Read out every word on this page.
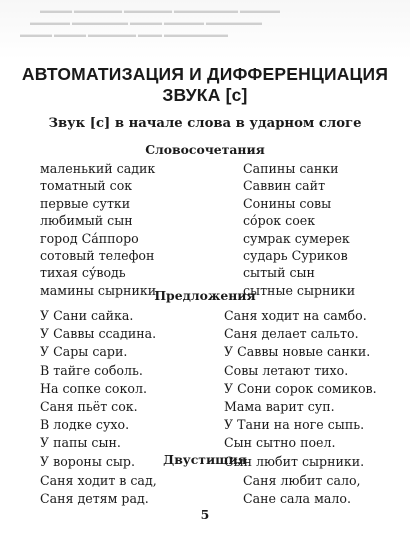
▬▬▬▬ ▬▬▬▬▬▬ ▬▬▬▬▬▬ ▬▬▬▬▬▬▬▬ ▬▬▬▬▬
▬▬▬▬▬ ▬▬▬▬▬▬▬ ▬▬▬▬ ▬▬▬▬▬ ▬▬▬▬▬▬▬
▬▬▬▬ ▬▬▬▬ ▬▬▬▬▬▬ ▬▬▬ ▬▬▬▬▬▬▬▬
АВТОМАТИЗАЦИЯ И ДИФФЕРЕНЦИАЦИЯ ЗВУКА [с]
Звук [с] в начале слова в ударном слоге

Словосочетания

маленький садик
томатный сок
первые сутки
любимый сын
город Са́ппоро
сотовый телефон
тихая су́водь
мамины сырники
Сапины санки
Саввин сайт
Сонины совы
со́рок соек
сумрак сумерек
сударь Суриков
сытый сын
сытные сырники

Предложения

У Сани сайка.
У Саввы ссадина.
У Сары сари.
В тайге соболь.
На сопке сокол.
Саня пьёт сок.
В лодке сухо.
У папы сын.
У вороны сыр.
Саня ходит на самбо.
Саня делает сальто.
У Саввы новые санки.
Совы летают тихо.
У Сони сорок сомиков.
Мама варит суп.
У Тани на ноге сыпь.
Сын сытно поел.
Сын любит сырники.

Двустишия

Саня ходит в сад,
Саня детям рад.
Саня любит сало,
Сане сала мало.
5
